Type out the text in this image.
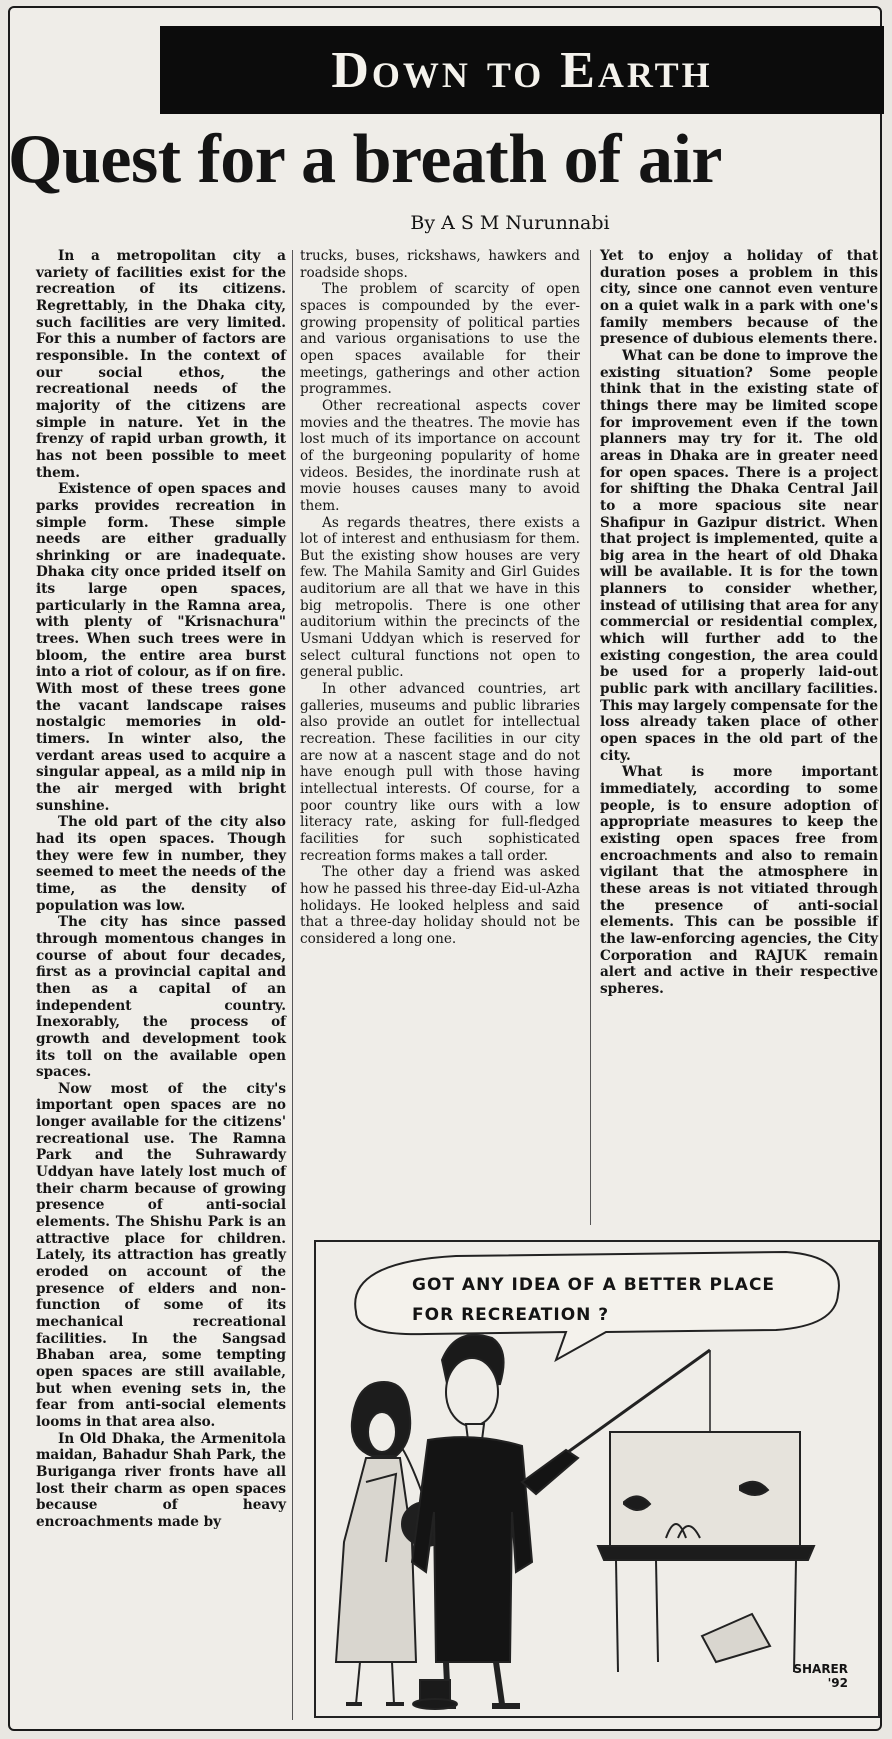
Down to Earth
Quest for a breath of air
By A S M Nurunnabi

In a metropolitan city a variety of facilities exist for the recreation of its citizens. Regrettably, in the Dhaka city, such facilities are very limited. For this a number of factors are responsible. In the context of our social ethos, the recreational needs of the majority of the citizens are simple in nature. Yet in the frenzy of rapid urban growth, it has not been possible to meet them.

Existence of open spaces and parks provides recreation in simple form. These simple needs are either gradually shrinking or are inadequate. Dhaka city once prided itself on its large open spaces, particularly in the Ramna area, with plenty of "Krisnachura" trees. When such trees were in bloom, the entire area burst into a riot of colour, as if on fire. With most of these trees gone the vacant landscape raises nostalgic memories in old-timers. In winter also, the verdant areas used to acquire a singular appeal, as a mild nip in the air merged with bright sunshine.

The old part of the city also had its open spaces. Though they were few in number, they seemed to meet the needs of the time, as the density of population was low.

The city has since passed through momentous changes in course of about four decades, first as a provincial capital and then as a capital of an independent country. Inexorably, the process of growth and development took its toll on the available open spaces.

Now most of the city's important open spaces are no longer available for the citizens' recreational use. The Ramna Park and the Suhrawardy Uddyan have lately lost much of their charm because of growing presence of anti-social elements. The Shishu Park is an attractive place for children. Lately, its attraction has greatly eroded on account of the presence of elders and non-function of some of its mechanical recreational facilities. In the Sangsad Bhaban area, some tempting open spaces are still available, but when evening sets in, the fear from anti-social elements looms in that area also.

In Old Dhaka, the Armenitola maidan, Bahadur Shah Park, the Buriganga river fronts have all lost their charm as open spaces because of heavy encroachments made by

trucks, buses, rickshaws, hawkers and roadside shops.

The problem of scarcity of open spaces is compounded by the ever-growing propensity of political parties and various organisations to use the open spaces available for their meetings, gatherings and other action programmes.

Other recreational aspects cover movies and the theatres. The movie has lost much of its importance on account of the burgeoning popularity of home videos. Besides, the inordinate rush at movie houses causes many to avoid them.

As regards theatres, there exists a lot of interest and enthusiasm for them. But the existing show houses are very few. The Mahila Samity and Girl Guides auditorium are all that we have in this big metropolis. There is one other auditorium within the precincts of the Usmani Uddyan which is reserved for select cultural functions not open to general public.

In other advanced countries, art galleries, museums and public libraries also provide an outlet for intellectual recreation. These facilities in our city are now at a nascent stage and do not have enough pull with those having intellectual interests. Of course, for a poor country like ours with a low literacy rate, asking for full-fledged facilities for such sophisticated recreation forms makes a tall order.

The other day a friend was asked how he passed his three-day Eid-ul-Azha holidays. He looked helpless and said that a three-day holiday should not be considered a long one.

Yet to enjoy a holiday of that duration poses a problem in this city, since one cannot even venture on a quiet walk in a park with one's family members because of the presence of dubious elements there.

What can be done to improve the existing situation? Some people think that in the existing state of things there may be limited scope for improvement even if the town planners may try for it. The old areas in Dhaka are in greater need for open spaces. There is a project for shifting the Dhaka Central Jail to a more spacious site near Shafipur in Gazipur district. When that project is implemented, quite a big area in the heart of old Dhaka will be available. It is for the town planners to consider whether, instead of utilising that area for any commercial or residential complex, which will further add to the existing congestion, the area could be used for a properly laid-out public park with ancillary facilities. This may largely compensate for the loss already taken place of other open spaces in the old part of the city.

What is more important immediately, according to some people, is to ensure adoption of appropriate measures to keep the existing open spaces free from encroachments and also to remain vigilant that the atmosphere in these areas is not vitiated through the presence of anti-social elements. This can be possible if the law-enforcing agencies, the City Corporation and RAJUK remain alert and active in their respective spheres.

GOT ANY IDEA OF A BETTER PLACE FOR RECREATION ?
SHARER
'92
